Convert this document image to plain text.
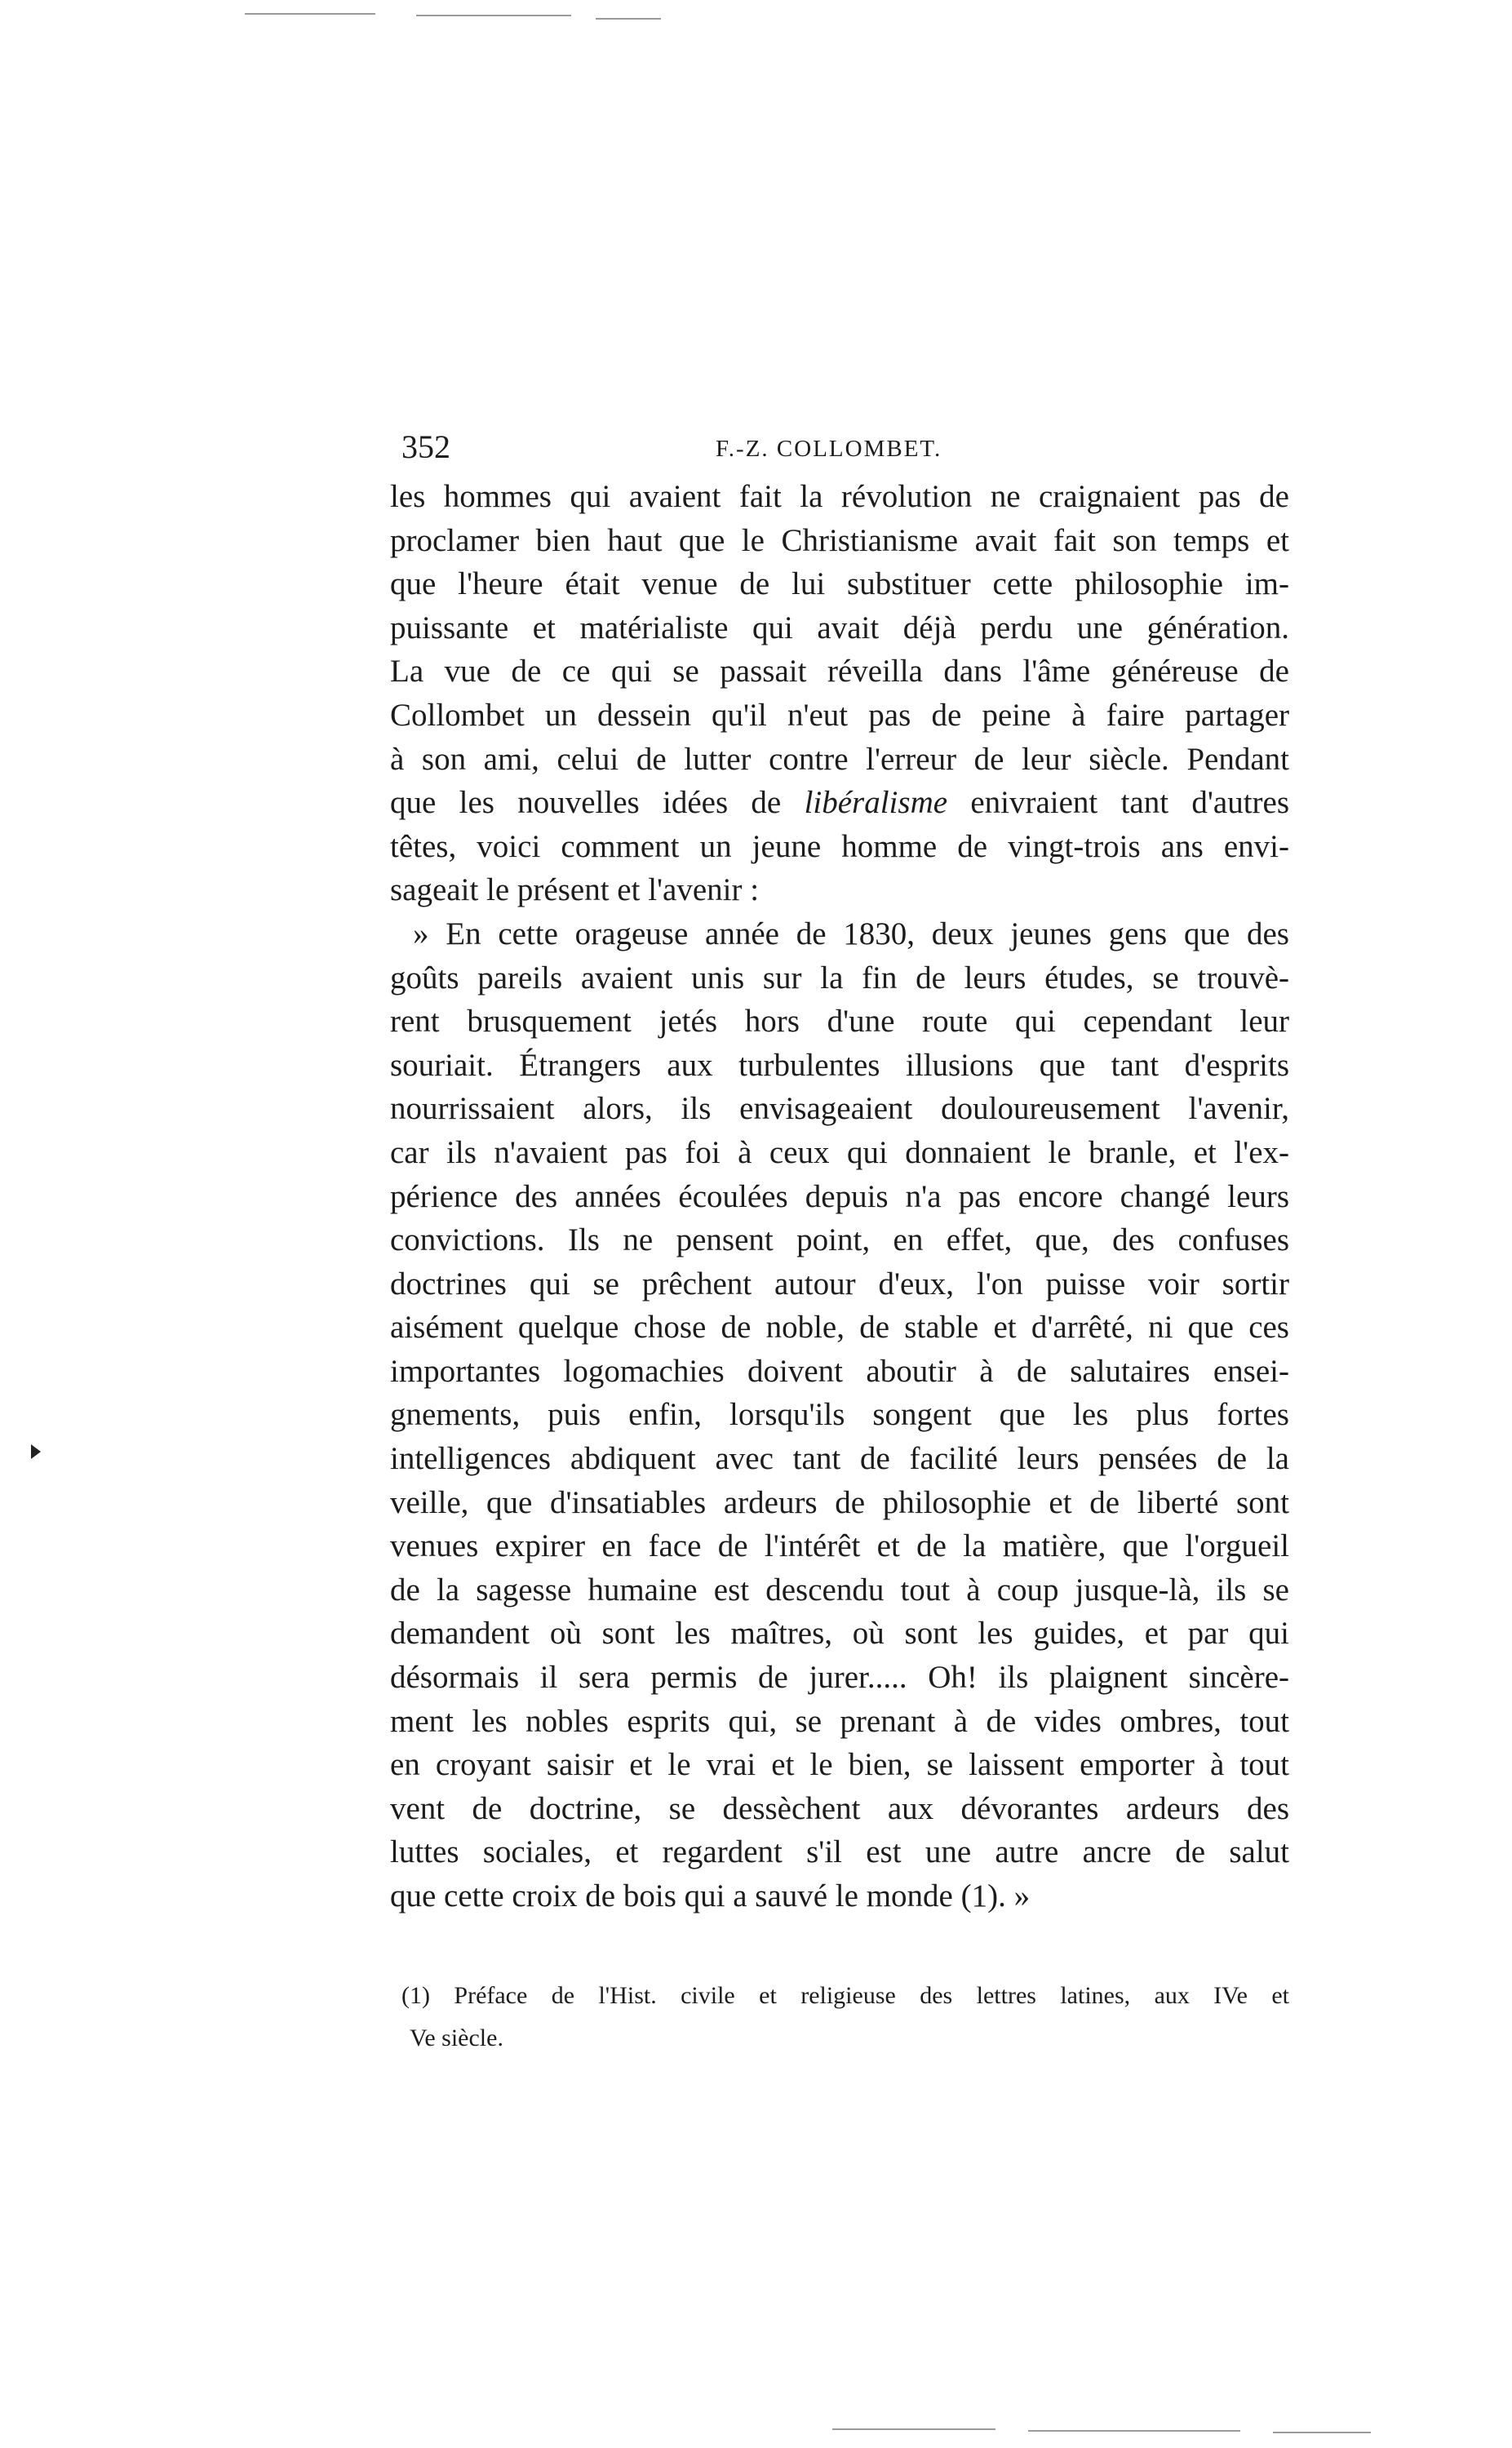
352	F.-Z. COLLOMBET.
les hommes qui avaient fait la révolution ne craignaient pas de
proclamer bien haut que le Christianisme avait fait son temps et
que l'heure était venue de lui substituer cette philosophie im-
puissante et matérialiste qui avait déjà perdu une génération.
La vue de ce qui se passait réveilla dans l'âme généreuse de
Collombet un dessein qu'il n'eut pas de peine à faire partager
à son ami, celui de lutter contre l'erreur de leur siècle. Pendant
que les nouvelles idées de libéralisme enivraient tant d'autres
têtes, voici comment un jeune homme de vingt-trois ans envi-
sageait le présent et l'avenir :
» En cette orageuse année de 1830, deux jeunes gens que des
goûts pareils avaient unis sur la fin de leurs études, se trouvè-
rent brusquement jetés hors d'une route qui cependant leur
souriait. Étrangers aux turbulentes illusions que tant d'esprits
nourrissaient alors, ils envisageaient douloureusement l'avenir,
car ils n'avaient pas foi à ceux qui donnaient le branle, et l'ex-
périence des années écoulées depuis n'a pas encore changé leurs
convictions. Ils ne pensent point, en effet, que, des confuses
doctrines qui se prêchent autour d'eux, l'on puisse voir sortir
aisément quelque chose de noble, de stable et d'arrêté, ni que ces
importantes logomachies doivent aboutir à de salutaires ensei-
gnements, puis enfin, lorsqu'ils songent que les plus fortes
intelligences abdiquent avec tant de facilité leurs pensées de la
veille, que d'insatiables ardeurs de philosophie et de liberté sont
venues expirer en face de l'intérêt et de la matière, que l'orgueil
de la sagesse humaine est descendu tout à coup jusque-là, ils se
demandent où sont les maîtres, où sont les guides, et par qui
désormais il sera permis de jurer..... Oh! ils plaignent sincère-
ment les nobles esprits qui, se prenant à de vides ombres, tout
en croyant saisir et le vrai et le bien, se laissent emporter à tout
vent de doctrine, se dessèchent aux dévorantes ardeurs des
luttes sociales, et regardent s'il est une autre ancre de salut
que cette croix de bois qui a sauvé le monde (1). »
(1) Préface de l'Hist. civile et religieuse des lettres latines, aux IVe et
Ve siècle.
